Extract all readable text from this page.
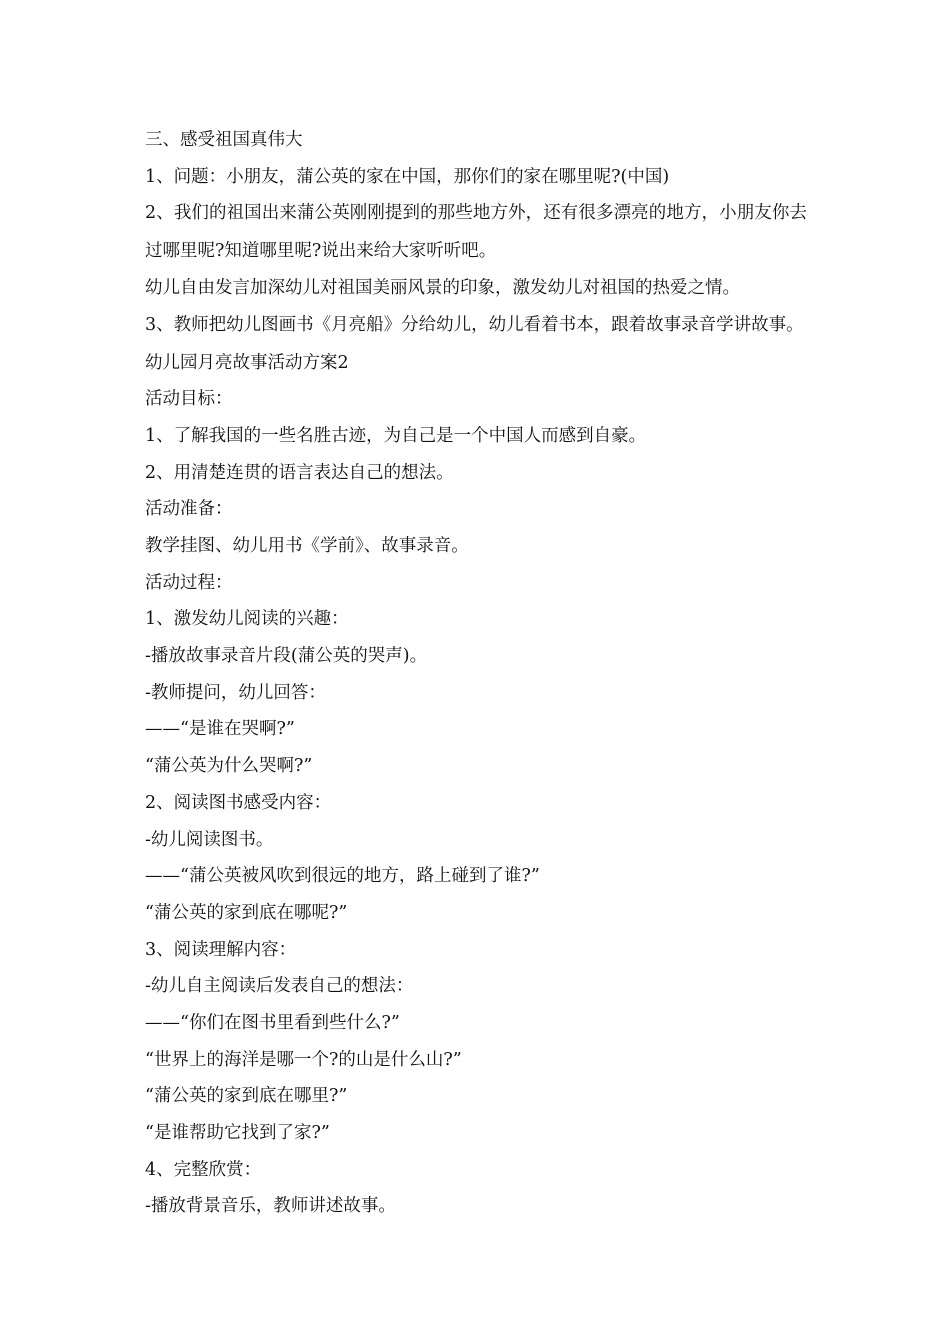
三、感受祖国真伟大

1、问题：小朋友，蒲公英的家在中国，那你们的家在哪里呢?(中国)

2、我们的祖国出来蒲公英刚刚提到的那些地方外，还有很多漂亮的地方，小朋友你去过哪里呢?知道哪里呢?说出来给大家听听吧。

幼儿自由发言加深幼儿对祖国美丽风景的印象，激发幼儿对祖国的热爱之情。

3、教师把幼儿图画书《月亮船》分给幼儿，幼儿看着书本，跟着故事录音学讲故事。

幼儿园月亮故事活动方案2

活动目标：

1、了解我国的一些名胜古迹，为自己是一个中国人而感到自豪。

2、用清楚连贯的语言表达自己的想法。

活动准备：

教学挂图、幼儿用书《学前》、故事录音。

活动过程：

1、激发幼儿阅读的兴趣：

-播放故事录音片段(蒲公英的哭声)。

-教师提问，幼儿回答：

——“是谁在哭啊?”

“蒲公英为什么哭啊?”

2、阅读图书感受内容：

-幼儿阅读图书。

——“蒲公英被风吹到很远的地方，路上碰到了谁?”

“蒲公英的家到底在哪呢?”

3、阅读理解内容：

-幼儿自主阅读后发表自己的想法：

——“你们在图书里看到些什么?”

“世界上的海洋是哪一个?的山是什么山?”

“蒲公英的家到底在哪里?”

“是谁帮助它找到了家?”

4、完整欣赏：

-播放背景音乐，教师讲述故事。
